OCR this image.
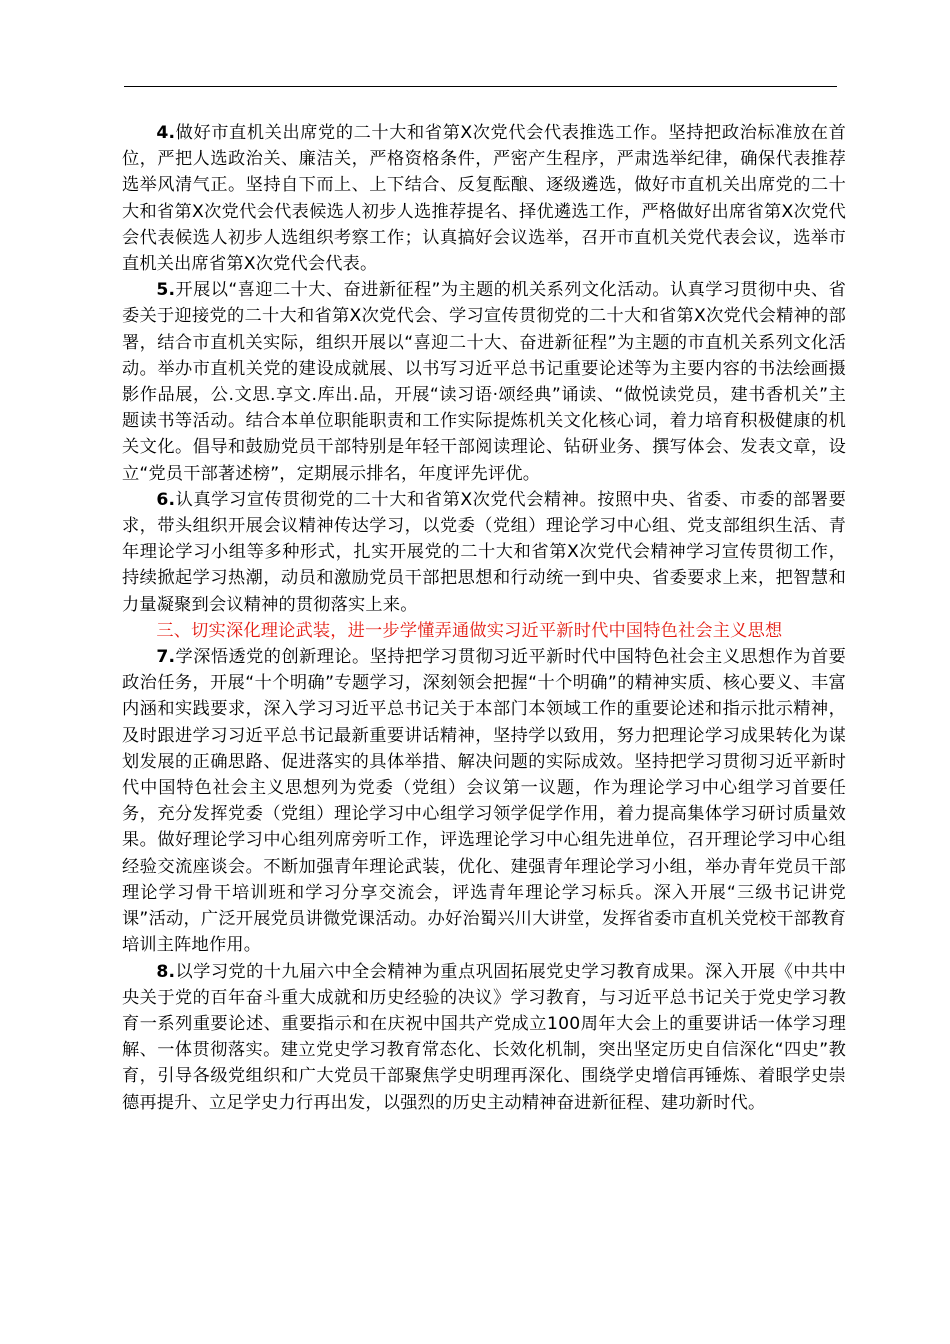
4.做好市直机关出席党的二十大和省第X次党代会代表推选工作。坚持把政治标准放在首位，严把人选政治关、廉洁关，严格资格条件，严密产生程序，严肃选举纪律，确保代表推荐选举风清气正。坚持自下而上、上下结合、反复酝酿、逐级遴选，做好市直机关出席党的二十大和省第X次党代会代表候选人初步人选推荐提名、择优遴选工作，严格做好出席省第X次党代会代表候选人初步人选组织考察工作；认真搞好会议选举，召开市直机关党代表会议，选举市直机关出席省第X次党代会代表。

5.开展以“喜迎二十大、奋进新征程”为主题的机关系列文化活动。认真学习贯彻中央、省委关于迎接党的二十大和省第X次党代会、学习宣传贯彻党的二十大和省第X次党代会精神的部署，结合市直机关实际，组织开展以“喜迎二十大、奋进新征程”为主题的市直机关系列文化活动。举办市直机关党的建设成就展、以书写习近平总书记重要论述等为主要内容的书法绘画摄影作品展，公.文思.享文.库出.品，开展“读习语·颂经典”诵读、“做悦读党员，建书香机关”主题读书等活动。结合本单位职能职责和工作实际提炼机关文化核心词，着力培育积极健康的机关文化。倡导和鼓励党员干部特别是年轻干部阅读理论、钻研业务、撰写体会、发表文章，设立“党员干部著述榜”，定期展示排名，年度评先评优。

6.认真学习宣传贯彻党的二十大和省第X次党代会精神。按照中央、省委、市委的部署要求，带头组织开展会议精神传达学习，以党委（党组）理论学习中心组、党支部组织生活、青年理论学习小组等多种形式，扎实开展党的二十大和省第X次党代会精神学习宣传贯彻工作，持续掀起学习热潮，动员和激励党员干部把思想和行动统一到中央、省委要求上来，把智慧和力量凝聚到会议精神的贯彻落实上来。

三、切实深化理论武装，进一步学懂弄通做实习近平新时代中国特色社会主义思想

7.学深悟透党的创新理论。坚持把学习贯彻习近平新时代中国特色社会主义思想作为首要政治任务，开展“十个明确”专题学习，深刻领会把握“十个明确”的精神实质、核心要义、丰富内涵和实践要求，深入学习习近平总书记关于本部门本领域工作的重要论述和指示批示精神，及时跟进学习习近平总书记最新重要讲话精神，坚持学以致用，努力把理论学习成果转化为谋划发展的正确思路、促进落实的具体举措、解决问题的实际成效。坚持把学习贯彻习近平新时代中国特色社会主义思想列为党委（党组）会议第一议题，作为理论学习中心组学习首要任务，充分发挥党委（党组）理论学习中心组学习领学促学作用，着力提高集体学习研讨质量效果。做好理论学习中心组列席旁听工作，评选理论学习中心组先进单位，召开理论学习中心组经验交流座谈会。不断加强青年理论武装，优化、建强青年理论学习小组，举办青年党员干部理论学习骨干培训班和学习分享交流会，评选青年理论学习标兵。深入开展“三级书记讲党课”活动，广泛开展党员讲微党课活动。办好治蜀兴川大讲堂，发挥省委市直机关党校干部教育培训主阵地作用。

8.以学习党的十九届六中全会精神为重点巩固拓展党史学习教育成果。深入开展《中共中央关于党的百年奋斗重大成就和历史经验的决议》学习教育，与习近平总书记关于党史学习教育一系列重要论述、重要指示和在庆祝中国共产党成立100周年大会上的重要讲话一体学习理解、一体贯彻落实。建立党史学习教育常态化、长效化机制，突出坚定历史自信深化“四史”教育，引导各级党组织和广大党员干部聚焦学史明理再深化、围绕学史增信再锤炼、着眼学史崇德再提升、立足学史力行再出发，以强烈的历史主动精神奋进新征程、建功新时代。
